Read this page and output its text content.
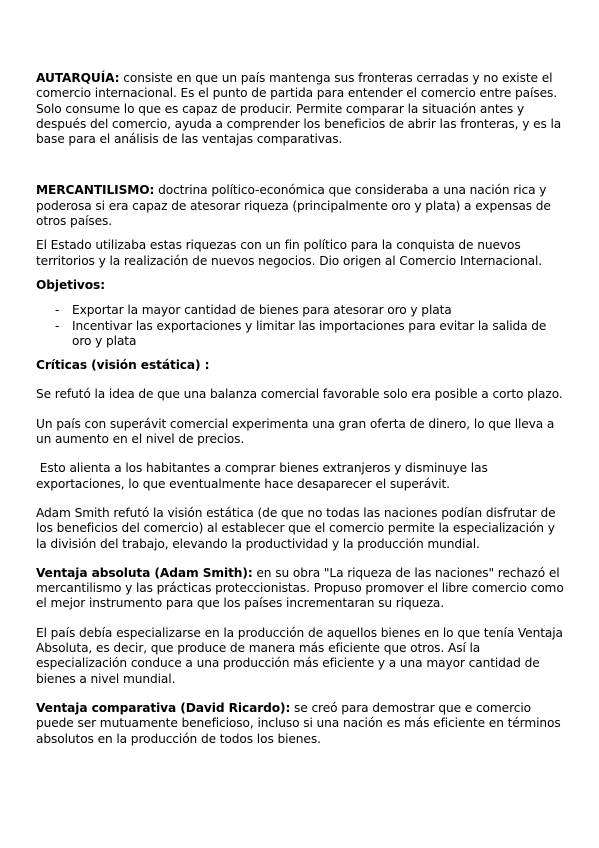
AUTARQUÍA: consiste en que un país mantenga sus fronteras cerradas y no existe el comercio internacional. Es el punto de partida para entender el comercio entre países. Solo consume lo que es capaz de producir. Permite comparar la situación antes y después del comercio, ayuda a comprender los beneficios de abrir las fronteras, y es la base para el análisis de las ventajas comparativas.

MERCANTILISMO: doctrina político-económica que consideraba a una nación rica y poderosa si era capaz de atesorar riqueza (principalmente oro y plata) a expensas de otros países.

El Estado utilizaba estas riquezas con un fin político para la conquista de nuevos territorios y la realización de nuevos negocios. Dio origen al Comercio Internacional.

Objetivos:

- Exportar la mayor cantidad de bienes para atesorar oro y plata
- Incentivar las exportaciones y limitar las importaciones para evitar la salida de oro y plata

Críticas (visión estática) :

Se refutó la idea de que una balanza comercial favorable solo era posible a corto plazo.

Un país con superávit comercial experimenta una gran oferta de dinero, lo que lleva a un aumento en el nivel de precios.

Esto alienta a los habitantes a comprar bienes extranjeros y disminuye las exportaciones, lo que eventualmente hace desaparecer el superávit.

Adam Smith refutó la visión estática (de que no todas las naciones podían disfrutar de los beneficios del comercio) al establecer que el comercio permite la especialización y la división del trabajo, elevando la productividad y la producción mundial.

Ventaja absoluta (Adam Smith): en su obra "La riqueza de las naciones" rechazó el mercantilismo y las prácticas proteccionistas. Propuso promover el libre comercio como el mejor instrumento para que los países incrementaran su riqueza.

El país debía especializarse en la producción de aquellos bienes en lo que tenía Ventaja Absoluta, es decir, que produce de manera más eficiente que otros. Así la especialización conduce a una producción más eficiente y a una mayor cantidad de bienes a nivel mundial.

Ventaja comparativa (David Ricardo): se creó para demostrar que e comercio puede ser mutuamente beneficioso, incluso si una nación es más eficiente en términos absolutos en la producción de todos los bienes.
